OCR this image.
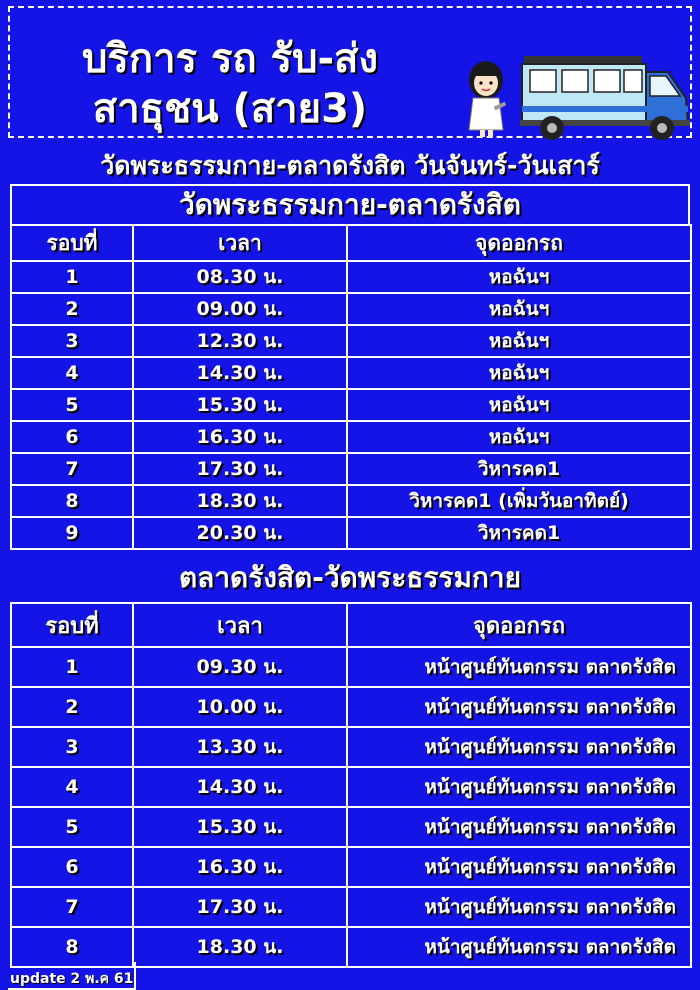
บริการ รถ รับ-ส่ง
สาธุชน (สาย3)
วัดพระธรรมกาย-ตลาดรังสิต วันจันทร์-วันเสาร์
วัดพระธรรมกาย-ตลาดรังสิต
รอบที่	เวลา	จุดออกรถ
1	08.30 น.	หอฉันฯ
2	09.00 น.	หอฉันฯ
3	12.30 น.	หอฉันฯ
4	14.30 น.	หอฉันฯ
5	15.30 น.	หอฉันฯ
6	16.30 น.	หอฉันฯ
7	17.30 น.	วิหารคด1
8	18.30 น.	วิหารคด1 (เพิ่มวันอาทิตย์)
9	20.30 น.	วิหารคด1
ตลาดรังสิต-วัดพระธรรมกาย
รอบที่	เวลา	จุดออกรถ
1	09.30 น.	หน้าศูนย์ทันตกรรม ตลาดรังสิต
2	10.00 น.	หน้าศูนย์ทันตกรรม ตลาดรังสิต
3	13.30 น.	หน้าศูนย์ทันตกรรม ตลาดรังสิต
4	14.30 น.	หน้าศูนย์ทันตกรรม ตลาดรังสิต
5	15.30 น.	หน้าศูนย์ทันตกรรม ตลาดรังสิต
6	16.30 น.	หน้าศูนย์ทันตกรรม ตลาดรังสิต
7	17.30 น.	หน้าศูนย์ทันตกรรม ตลาดรังสิต
8	18.30 น.	หน้าศูนย์ทันตกรรม ตลาดรังสิต
update 2 พ.ค 61
